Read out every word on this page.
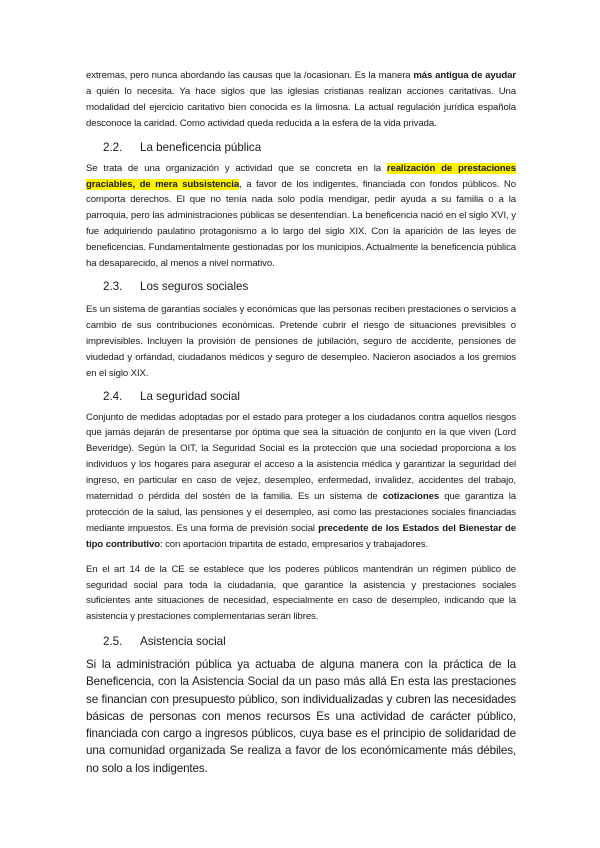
extremas, pero nunca abordando las causas que la /ocasionan. Es la manera más antigua de ayudar a quién lo necesita. Ya hace siglos que las iglesias cristianas realizan acciones caritativas. Una modalidad del ejercicio caritativo bien conocida es la limosna. La actual regulación jurídica española desconoce la caridad. Como actividad queda reducida a la esfera de la vida privada.

2.2.	La beneficencia pública

Se trata de una organización y actividad que se concreta en la realización de prestaciones graciables, de mera subsistencia, a favor de los indigentes, financiada con fondos públicos. No comporta derechos. El que no tenía nada solo podía mendigar, pedir ayuda a su familia o a la parroquia, pero las administraciones públicas se desentendían. La beneficencia nació en el siglo XVI, y fue adquiriendo paulatino protagonismo a lo largo del siglo XIX. Con la aparición de las leyes de beneficencias. Fundamentalmente gestionadas por los municipios. Actualmente la beneficencia pública ha desaparecido, al menos a nivel normativo.

2.3.	Los seguros sociales

Es un sistema de garantías sociales y económicas que las personas reciben prestaciones o servicios a cambio de sus contribuciones económicas. Pretende cubrir el riesgo de situaciones previsibles o imprevisibles. Incluyen la provisión de pensiones de jubilación, seguro de accidente, pensiones de viudedad y orfandad, ciudadanos médicos y seguro de desempleo. Nacieron asociados a los gremios en el siglo XIX.

2.4.	La seguridad social

Conjunto de medidas adoptadas por el estado para proteger a los ciudadanos contra aquellos riesgos que jamás dejarán de presentarse por óptima que sea la situación de conjunto en la que viven (Lord Beveridge). Según la OIT, la Seguridad Social es la protección que una sociedad proporciona a los individuos y los hogares para asegurar el acceso a la asistencia médica y garantizar la seguridad del ingreso, en particular en caso de vejez, desempleo, enfermedad, invalidez, accidentes del trabajo, maternidad o pérdida del sostén de la familia. Es un sistema de cotizaciones que garantiza la protección de la salud, las pensiones y el desempleo, así como las prestaciones sociales financiadas mediante impuestos. Es una forma de previsión social precedente de los Estados del Bienestar de tipo contributivo: con aportación tripartita de estado, empresarios y trabajadores.

En el art 14 de la CE se establece que los poderes públicos mantendrán un régimen público de seguridad social para toda la ciudadanía, que garantice la asistencia y prestaciones sociales suficientes ante situaciones de necesidad, especialmente en caso de desempleo, indicando que la asistencia y prestaciones complementarias serán libres.

2.5.	Asistencia social

Si la administración pública ya actuaba de alguna manera con la práctica de la Beneficencia, con la Asistencia Social da un paso más allá En esta las prestaciones se financian con presupuesto público, son individualizadas y cubren las necesidades básicas de personas con menos recursos Es una actividad de carácter público, financiada con cargo a ingresos públicos, cuya base es el principio de solidaridad de una comunidad organizada Se realiza a favor de los económicamente más débiles, no solo a los indigentes.
